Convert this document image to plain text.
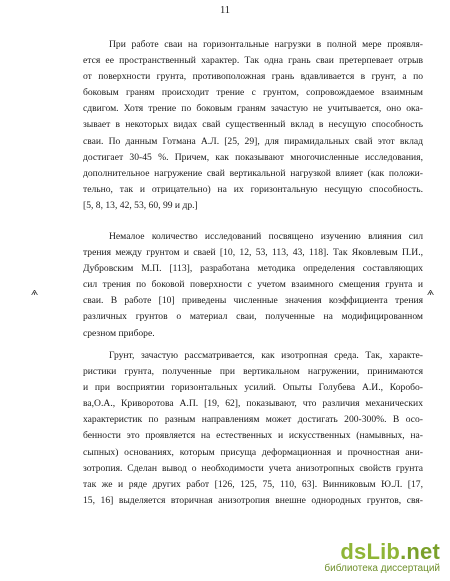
11
При работе сваи на горизонтальные нагрузки в полной мере проявля-
ется ее пространственный характер. Так одна грань сваи претерпевает отрыв
от поверхности грунта, противоположная грань вдавливается в грунт, а по
боковым граням происходит трение с грунтом, сопровождаемое взаимным
сдвигом. Хотя трение по боковым граням зачастую не учитывается, оно ока-
зывает в некоторых видах свай существенный вклад в несущую способность
сваи. По данным Готмана А.Л. [25, 29], для пирамидальных свай этот вклад
достигает 30-45 %. Причем, как показывают многочисленные исследования,
дополнительное нагружение свай вертикальной нагрузкой влияет (как положи-
тельно, так и отрицательно) на их горизонтальную несущую способность.
[5, 8, 13, 42, 53, 60, 99 и др.]
Немалое количество исследований посвящено изучению влияния сил
трения между грунтом и сваей [10, 12, 53, 113, 43, 118]. Так Яковлевым П.И.,
Дубровским М.П. [113], разработана методика определения составляющих
сил трения по боковой поверхности с учетом взаимного смещения грунта и
сваи. В работе [10] приведены численные значения коэффициента трения
различных грунтов о материал сваи, полученные на модифицированном
срезном приборе.
Грунт, зачастую рассматривается, как изотропная среда. Так, характе-
ристики грунта, полученные при вертикальном нагружении, принимаются
и при восприятии горизонтальных усилий. Опыты Голубева А.И., Коробо-
ва,О.А., Криворотова А.П. [19, 62], показывают, что различия механических
характеристик по разным направлениям может достигать 200-300%. В осо-
бенности это проявляется на естественных и искусственных (намывных, на-
сыпных) основаниях, которым присуща деформационная и прочностная ани-
зотропия. Сделан вывод о необходимости учета анизотропных свойств грунта
так же и ряде других работ [126, 125, 75, 110, 63]. Винниковым Ю.Л. [17,
15, 16] выделяется вторичная анизотропия внешне однородных грунтов, свя-
ѧ	ѧ
dsLib.net
библиотека диссертаций
